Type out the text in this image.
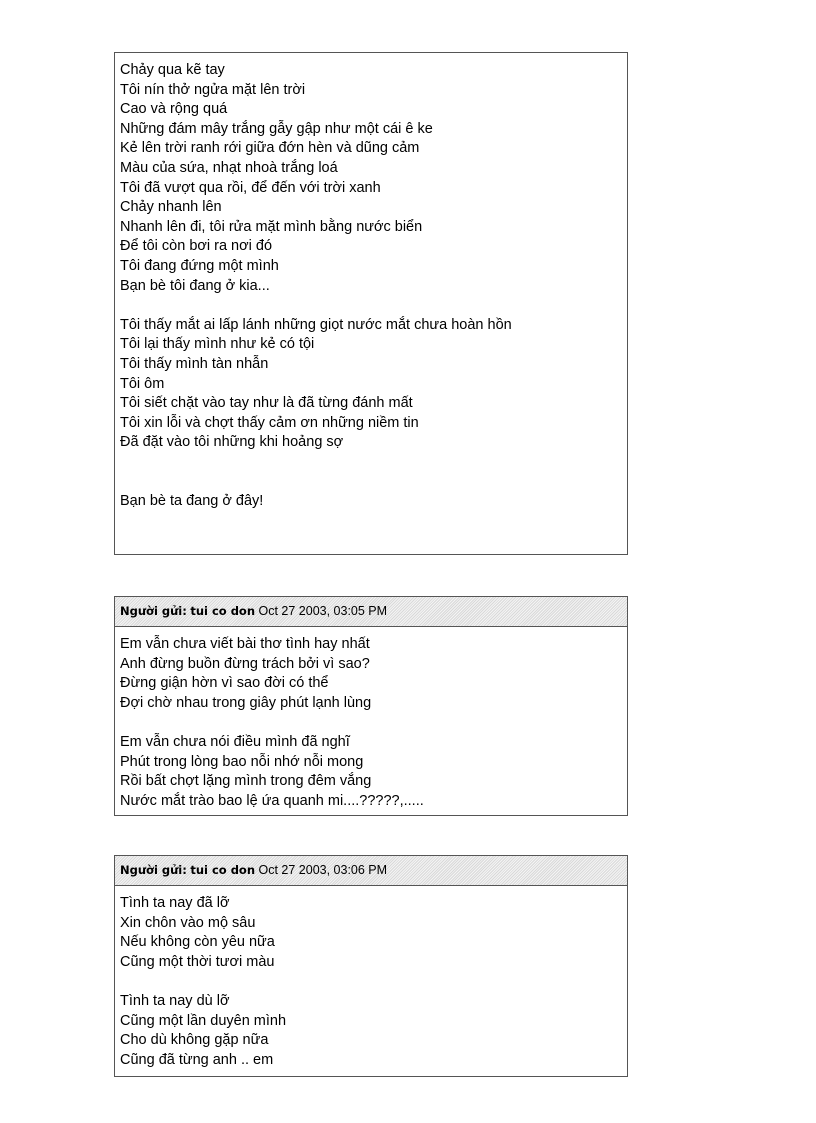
Chảy qua kẽ tay
Tôi nín thở ngửa mặt lên trời
Cao và rộng quá
Những đám mây trắng gẫy gập như một cái ê ke
Kẻ lên trời ranh rới giữa đớn hèn và dũng cảm
Màu của sứa, nhạt nhoà trắng loá
Tôi đã vượt qua rồi, để đến với trời xanh
Chảy nhanh lên
Nhanh lên đi, tôi rửa mặt mình bằng nước biển
Để tôi còn bơi ra nơi đó
Tôi đang đứng một mình
Bạn bè tôi đang ở kia...
Tôi thấy mắt ai lấp lánh những giọt nước mắt chưa hoàn hồn
Tôi lại thấy mình như kẻ có tội
Tôi thấy mình tàn nhẫn
Tôi ôm
Tôi siết chặt vào tay như là đã từng đánh mất
Tôi xin lỗi và chợt thấy cảm ơn những niềm tin
Đã đặt vào tôi những khi hoảng sợ
Bạn bè ta đang ở đây!
Người gửi: tui co don Oct 27 2003, 03:05 PM
Em vẫn chưa viết bài thơ tình hay nhất
Anh đừng buồn đừng trách bởi vì sao?
Đừng giận hờn vì sao đời có thể
Đợi chờ nhau trong giây phút lạnh lùng
Em vẫn chưa nói điều mình đã nghĩ
Phút trong lòng bao nỗi nhớ nỗi mong
Rồi bất chợt lặng mình trong đêm vắng
Nước mắt trào bao lệ ứa quanh mi....?????,.....
Người gửi: tui co don Oct 27 2003, 03:06 PM
Tình ta nay đã lỡ
Xin chôn vào mộ sâu
Nếu không còn yêu nữa
Cũng một thời tươi màu
Tình ta nay dù lỡ
Cũng một lần duyên mình
Cho dù không gặp nữa
Cũng đã từng anh .. em
